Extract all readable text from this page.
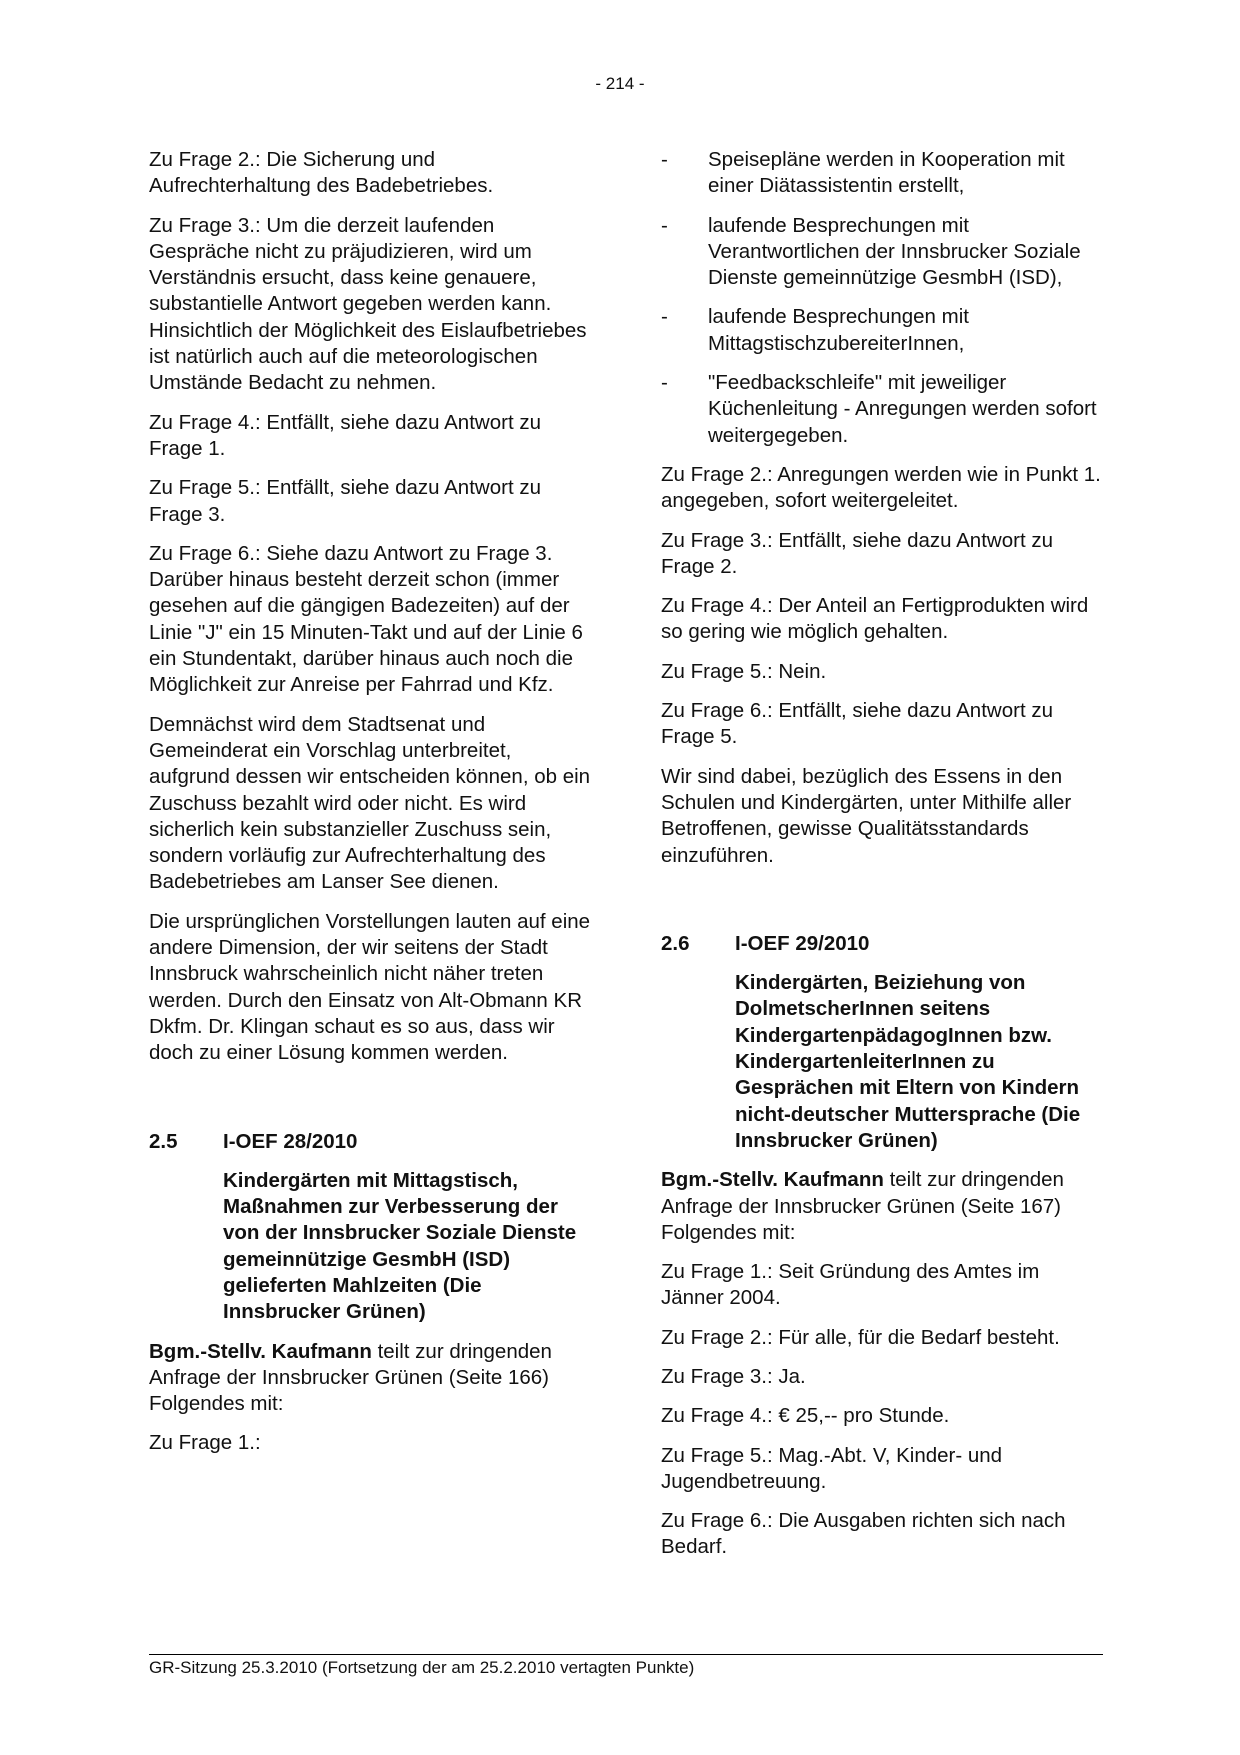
- 214 -

Zu Frage 2.: Die Sicherung und Aufrechterhaltung des Badebetriebes.

Zu Frage 3.: Um die derzeit laufenden Gespräche nicht zu präjudizieren, wird um Verständnis ersucht, dass keine genauere, substantielle Antwort gegeben werden kann. Hinsichtlich der Möglichkeit des Eislaufbetriebes ist natürlich auch auf die meteorologischen Umstände Bedacht zu nehmen.

Zu Frage 4.: Entfällt, siehe dazu Antwort zu Frage 1.

Zu Frage 5.: Entfällt, siehe dazu Antwort zu Frage 3.

Zu Frage 6.: Siehe dazu Antwort zu Frage 3. Darüber hinaus besteht derzeit schon (immer gesehen auf die gängigen Badezeiten) auf der Linie "J" ein 15 Minuten-Takt und auf der Linie 6 ein Stundentakt, darüber hinaus auch noch die Möglichkeit zur Anreise per Fahrrad und Kfz.

Demnächst wird dem Stadtsenat und Gemeinderat ein Vorschlag unterbreitet, aufgrund dessen wir entscheiden können, ob ein Zuschuss bezahlt wird oder nicht. Es wird sicherlich kein substanzieller Zuschuss sein, sondern vorläufig zur Aufrechterhaltung des Badebetriebes am Lanser See dienen.

Die ursprünglichen Vorstellungen lauten auf eine andere Dimension, der wir seitens der Stadt Innsbruck wahrscheinlich nicht näher treten werden. Durch den Einsatz von Alt-Obmann KR Dkfm. Dr. Klingan schaut es so aus, dass wir doch zu einer Lösung kommen werden.

2.5	I-OEF 28/2010
Kindergärten mit Mittagstisch, Maßnahmen zur Verbesserung der von der Innsbrucker Soziale Dienste gemeinnützige GesmbH (ISD) gelieferten Mahlzeiten (Die Innsbrucker Grünen)

Bgm.-Stellv. Kaufmann teilt zur dringenden Anfrage der Innsbrucker Grünen (Seite 166) Folgendes mit:

Zu Frage 1.:

-	Speisepläne werden in Kooperation mit einer Diätassistentin erstellt,
-	laufende Besprechungen mit Verantwortlichen der Innsbrucker Soziale Dienste gemeinnützige GesmbH (ISD),
-	laufende Besprechungen mit MittagstischzubereiterInnen,
-	"Feedbackschleife" mit jeweiliger Küchenleitung - Anregungen werden sofort weitergegeben.

Zu Frage 2.: Anregungen werden wie in Punkt 1. angegeben, sofort weitergeleitet.

Zu Frage 3.: Entfällt, siehe dazu Antwort zu Frage 2.

Zu Frage 4.: Der Anteil an Fertigprodukten wird so gering wie möglich gehalten.

Zu Frage 5.: Nein.

Zu Frage 6.: Entfällt, siehe dazu Antwort zu Frage 5.

Wir sind dabei, bezüglich des Essens in den Schulen und Kindergärten, unter Mithilfe aller Betroffenen, gewisse Qualitätsstandards einzuführen.

2.6	I-OEF 29/2010
Kindergärten, Beiziehung von DolmetscherInnen seitens KindergartenpädagogInnen bzw. KindergartenleiterInnen zu Gesprächen mit Eltern von Kindern nicht-deutscher Muttersprache (Die Innsbrucker Grünen)

Bgm.-Stellv. Kaufmann teilt zur dringenden Anfrage der Innsbrucker Grünen (Seite 167) Folgendes mit:

Zu Frage 1.: Seit Gründung des Amtes im Jänner 2004.

Zu Frage 2.: Für alle, für die Bedarf besteht.

Zu Frage 3.: Ja.

Zu Frage 4.: € 25,-- pro Stunde.

Zu Frage 5.: Mag.-Abt. V, Kinder- und Jugendbetreuung.

Zu Frage 6.: Die Ausgaben richten sich nach Bedarf.

GR-Sitzung 25.3.2010 (Fortsetzung der am 25.2.2010 vertagten Punkte)
